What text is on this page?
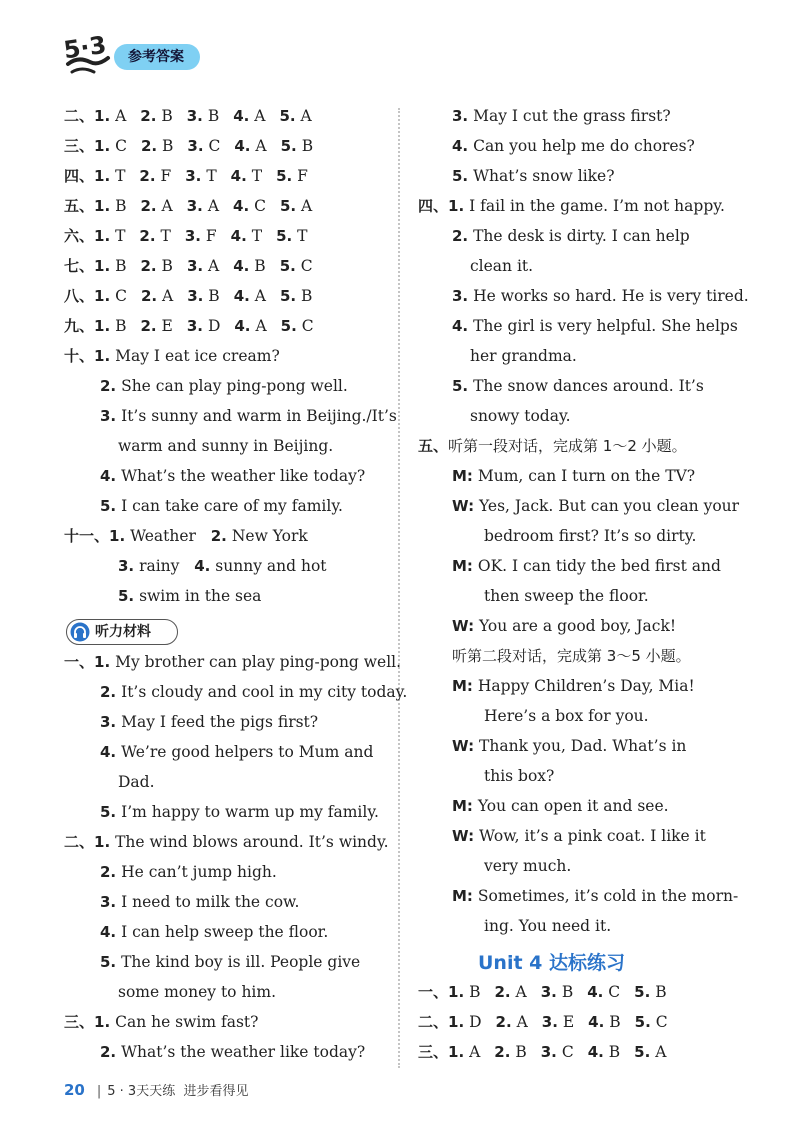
5·3	参考答案
二、1. A 2. B 3. B 4. A 5. A
三、1. C 2. B 3. C 4. A 5. B
四、1. T 2. F 3. T 4. T 5. F
五、1. B 2. A 3. A 4. C 5. A
六、1. T 2. T 3. F 4. T 5. T
七、1. B 2. B 3. A 4. B 5. C
八、1. C 2. A 3. B 4. A 5. B
九、1. B 2. E 3. D 4. A 5. C
十、1. May I eat ice cream?
2. She can play ping-pong well.
3. It’s sunny and warm in Beijing./It’s
warm and sunny in Beijing.
4. What’s the weather like today?
5. I can take care of my family.
十一、1. Weather 2. New York
3. rainy 4. sunny and hot
5. swim in the sea
听力材料
一、1. My brother can play ping-pong well.
2. It’s cloudy and cool in my city today.
3. May I feed the pigs first?
4. We’re good helpers to Mum and
Dad.
5. I’m happy to warm up my family.
二、1. The wind blows around. It’s windy.
2. He can’t jump high.
3. I need to milk the cow.
4. I can help sweep the floor.
5. The kind boy is ill. People give
some money to him.
三、1. Can he swim fast?
2. What’s the weather like today?
3. May I cut the grass first?
4. Can you help me do chores?
5. What’s snow like?
四、1. I fail in the game. I’m not happy.
2. The desk is dirty. I can help
clean it.
3. He works so hard. He is very tired.
4. The girl is very helpful. She helps
her grandma.
5. The snow dances around. It’s
snowy today.
五、听第一段对话，完成第 1～2 小题。
M: Mum, can I turn on the TV?
W: Yes, Jack. But can you clean your
bedroom first? It’s so dirty.
M: OK. I can tidy the bed first and
then sweep the floor.
W: You are a good boy, Jack!
听第二段对话，完成第 3～5 小题。
M: Happy Children’s Day, Mia!
Here’s a box for you.
W: Thank you, Dad. What’s in
this box?
M: You can open it and see.
W: Wow, it’s a pink coat. I like it
very much.
M: Sometimes, it’s cold in the morn-
ing. You need it.
Unit 4 达标练习
一、1. B 2. A 3. B 4. C 5. B
二、1. D 2. A 3. E 4. B 5. C
三、1. A 2. B 3. C 4. B 5. A
20 | 5 · 3天天练 进步看得见
